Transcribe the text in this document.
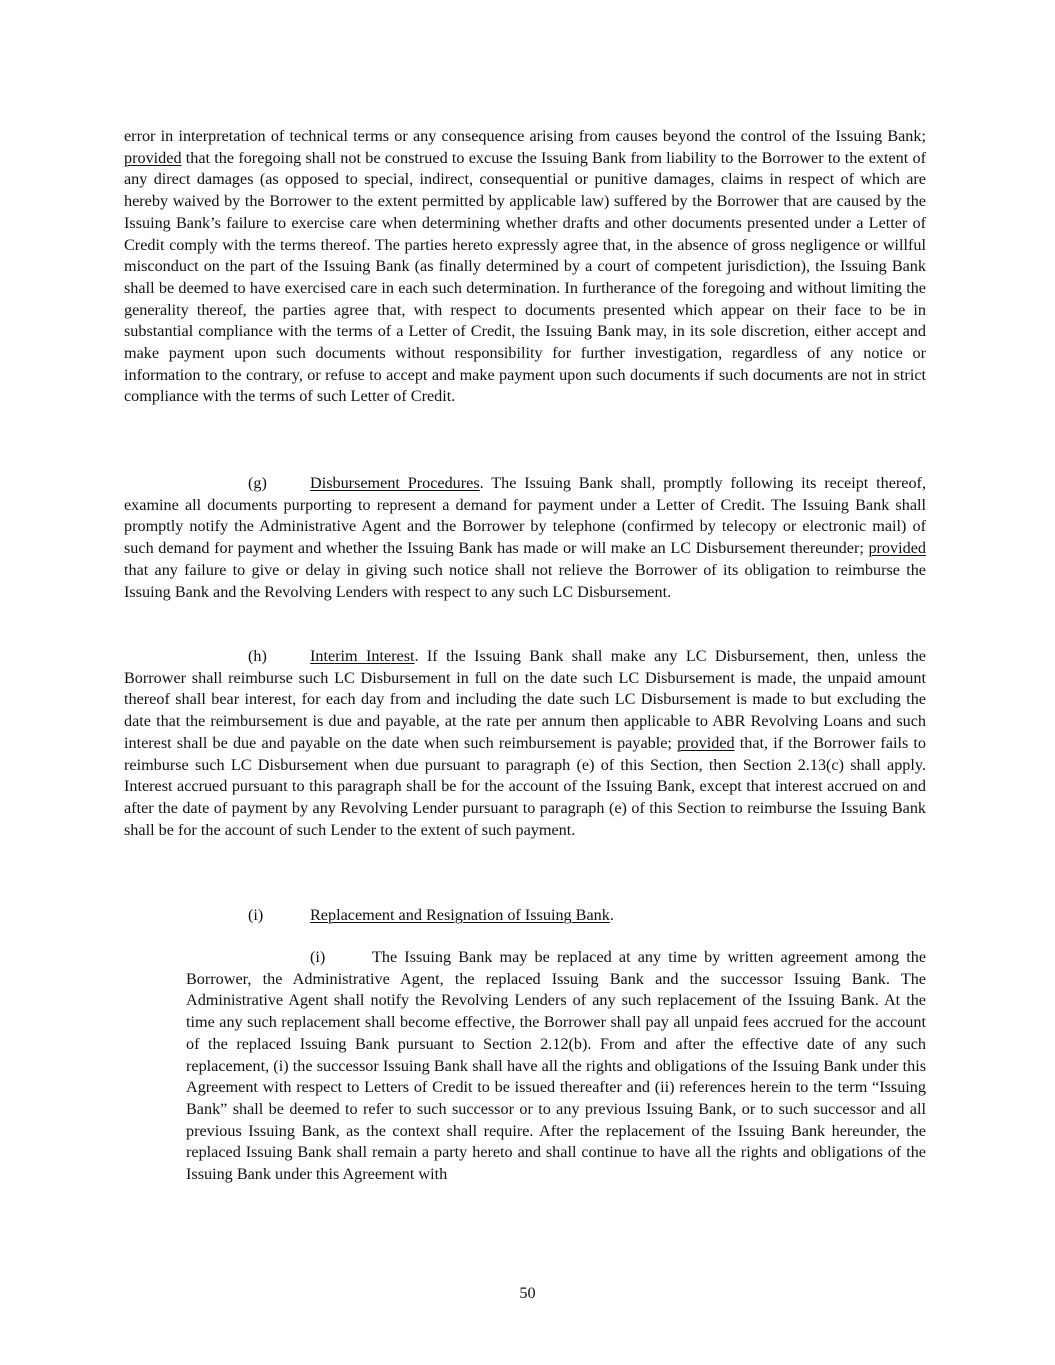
error in interpretation of technical terms or any consequence arising from causes beyond the control of the Issuing Bank; provided that the foregoing shall not be construed to excuse the Issuing Bank from liability to the Borrower to the extent of any direct damages (as opposed to special, indirect, consequential or punitive damages, claims in respect of which are hereby waived by the Borrower to the extent permitted by applicable law) suffered by the Borrower that are caused by the Issuing Bank’s failure to exercise care when determining whether drafts and other documents presented under a Letter of Credit comply with the terms thereof. The parties hereto expressly agree that, in the absence of gross negligence or willful misconduct on the part of the Issuing Bank (as finally determined by a court of competent jurisdiction), the Issuing Bank shall be deemed to have exercised care in each such determination. In furtherance of the foregoing and without limiting the generality thereof, the parties agree that, with respect to documents presented which appear on their face to be in substantial compliance with the terms of a Letter of Credit, the Issuing Bank may, in its sole discretion, either accept and make payment upon such documents without responsibility for further investigation, regardless of any notice or information to the contrary, or refuse to accept and make payment upon such documents if such documents are not in strict compliance with the terms of such Letter of Credit.
(g)	Disbursement Procedures. The Issuing Bank shall, promptly following its receipt thereof, examine all documents purporting to represent a demand for payment under a Letter of Credit. The Issuing Bank shall promptly notify the Administrative Agent and the Borrower by telephone (confirmed by telecopy or electronic mail) of such demand for payment and whether the Issuing Bank has made or will make an LC Disbursement thereunder; provided that any failure to give or delay in giving such notice shall not relieve the Borrower of its obligation to reimburse the Issuing Bank and the Revolving Lenders with respect to any such LC Disbursement.
(h)	Interim Interest. If the Issuing Bank shall make any LC Disbursement, then, unless the Borrower shall reimburse such LC Disbursement in full on the date such LC Disbursement is made, the unpaid amount thereof shall bear interest, for each day from and including the date such LC Disbursement is made to but excluding the date that the reimbursement is due and payable, at the rate per annum then applicable to ABR Revolving Loans and such interest shall be due and payable on the date when such reimbursement is payable; provided that, if the Borrower fails to reimburse such LC Disbursement when due pursuant to paragraph (e) of this Section, then Section 2.13(c) shall apply. Interest accrued pursuant to this paragraph shall be for the account of the Issuing Bank, except that interest accrued on and after the date of payment by any Revolving Lender pursuant to paragraph (e) of this Section to reimburse the Issuing Bank shall be for the account of such Lender to the extent of such payment.
(i)	Replacement and Resignation of Issuing Bank.
(i)	The Issuing Bank may be replaced at any time by written agreement among the Borrower, the Administrative Agent, the replaced Issuing Bank and the successor Issuing Bank. The Administrative Agent shall notify the Revolving Lenders of any such replacement of the Issuing Bank. At the time any such replacement shall become effective, the Borrower shall pay all unpaid fees accrued for the account of the replaced Issuing Bank pursuant to Section 2.12(b). From and after the effective date of any such replacement, (i) the successor Issuing Bank shall have all the rights and obligations of the Issuing Bank under this Agreement with respect to Letters of Credit to be issued thereafter and (ii) references herein to the term “Issuing Bank” shall be deemed to refer to such successor or to any previous Issuing Bank, or to such successor and all previous Issuing Bank, as the context shall require. After the replacement of the Issuing Bank hereunder, the replaced Issuing Bank shall remain a party hereto and shall continue to have all the rights and obligations of the Issuing Bank under this Agreement with
50
